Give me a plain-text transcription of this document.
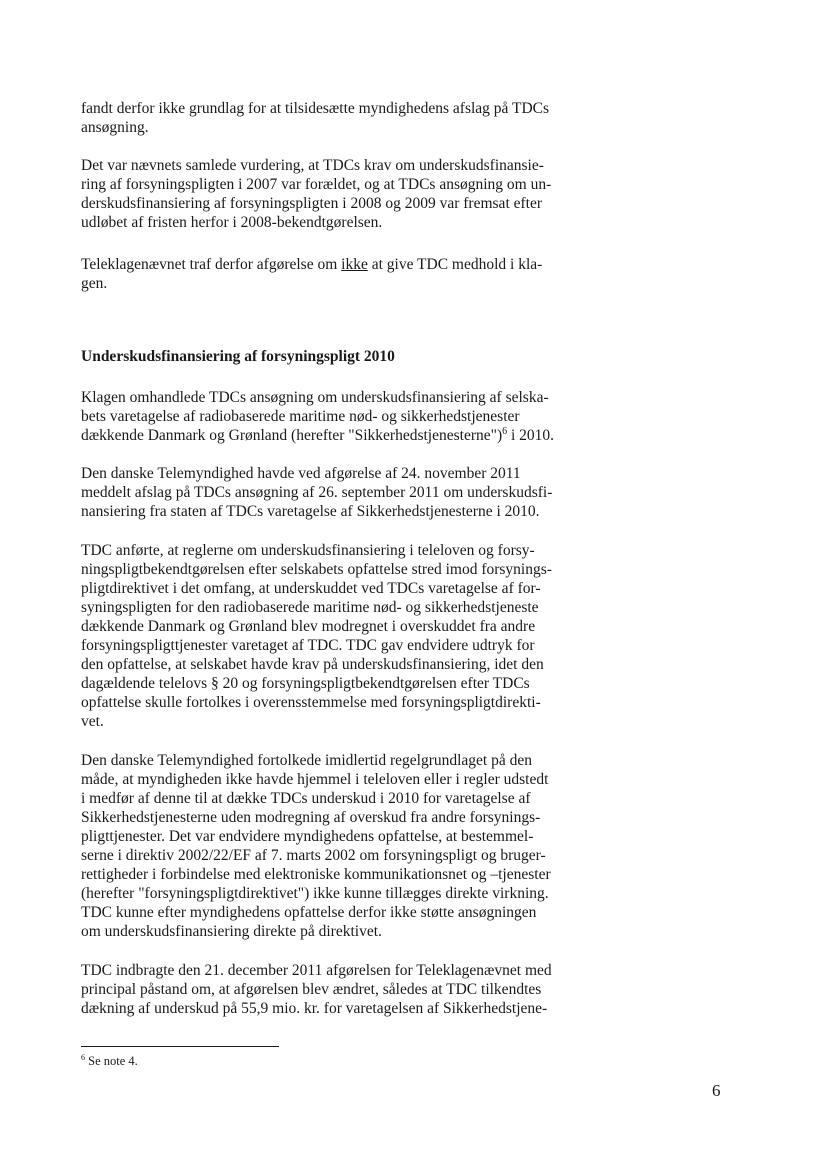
fandt derfor ikke grundlag for at tilsidesætte myndighedens afslag på TDCs
ansøgning.
Det var nævnets samlede vurdering, at TDCs krav om underskudsfinansie-
ring af forsyningspligten i 2007 var forældet, og at TDCs ansøgning om un-
derskudsfinansiering af forsyningspligten i 2008 og 2009 var fremsat efter
udløbet af fristen herfor i 2008-bekendtgørelsen.
Teleklagenævnet traf derfor afgørelse om ikke at give TDC medhold i kla-
gen.
Underskudsfinansiering af forsyningspligt 2010
Klagen omhandlede TDCs ansøgning om underskudsfinansiering af selska-
bets varetagelse af radiobaserede maritime nød- og sikkerhedstjenester
dækkende Danmark og Grønland (herefter "Sikkerhedstjenesterne")$^6$ i 2010.
Den danske Telemyndighed havde ved afgørelse af 24. november 2011
meddelt afslag på TDCs ansøgning af 26. september 2011 om underskudsfi-
nansiering fra staten af TDCs varetagelse af Sikkerhedstjenesterne i 2010.
TDC anførte, at reglerne om underskudsfinansiering i teleloven og forsy-
ningspligtbekendtgørelsen efter selskabets opfattelse stred imod forsynings-
pligtdirektivet i det omfang, at underskuddet ved TDCs varetagelse af for-
syningspligten for den radiobaserede maritime nød- og sikkerhedstjeneste
dækkende Danmark og Grønland blev modregnet i overskuddet fra andre
forsyningspligttjenester varetaget af TDC. TDC gav endvidere udtryk for
den opfattelse, at selskabet havde krav på underskudsfinansiering, idet den
dagældende telelovs § 20 og forsyningspligtbekendtgørelsen efter TDCs
opfattelse skulle fortolkes i overensstemmelse med forsyningspligtdirekti-
vet.
Den danske Telemyndighed fortolkede imidlertid regelgrundlaget på den
måde, at myndigheden ikke havde hjemmel i teleloven eller i regler udstedt
i medfør af denne til at dække TDCs underskud i 2010 for varetagelse af
Sikkerhedstjenesterne uden modregning af overskud fra andre forsynings-
pligttjenester. Det var endvidere myndighedens opfattelse, at bestemmel-
serne i direktiv 2002/22/EF af 7. marts 2002 om forsyningspligt og bruger-
rettigheder i forbindelse med elektroniske kommunikationsnet og –tjenester
(herefter "forsyningspligtdirektivet") ikke kunne tillægges direkte virkning.
TDC kunne efter myndighedens opfattelse derfor ikke støtte ansøgningen
om underskudsfinansiering direkte på direktivet.
TDC indbragte den 21. december 2011 afgørelsen for Teleklagenævnet med
principal påstand om, at afgørelsen blev ændret, således at TDC tilkendtes
dækning af underskud på 55,9 mio. kr. for varetagelsen af Sikkerhedstjene-
$^6$ Se note 4.
6
